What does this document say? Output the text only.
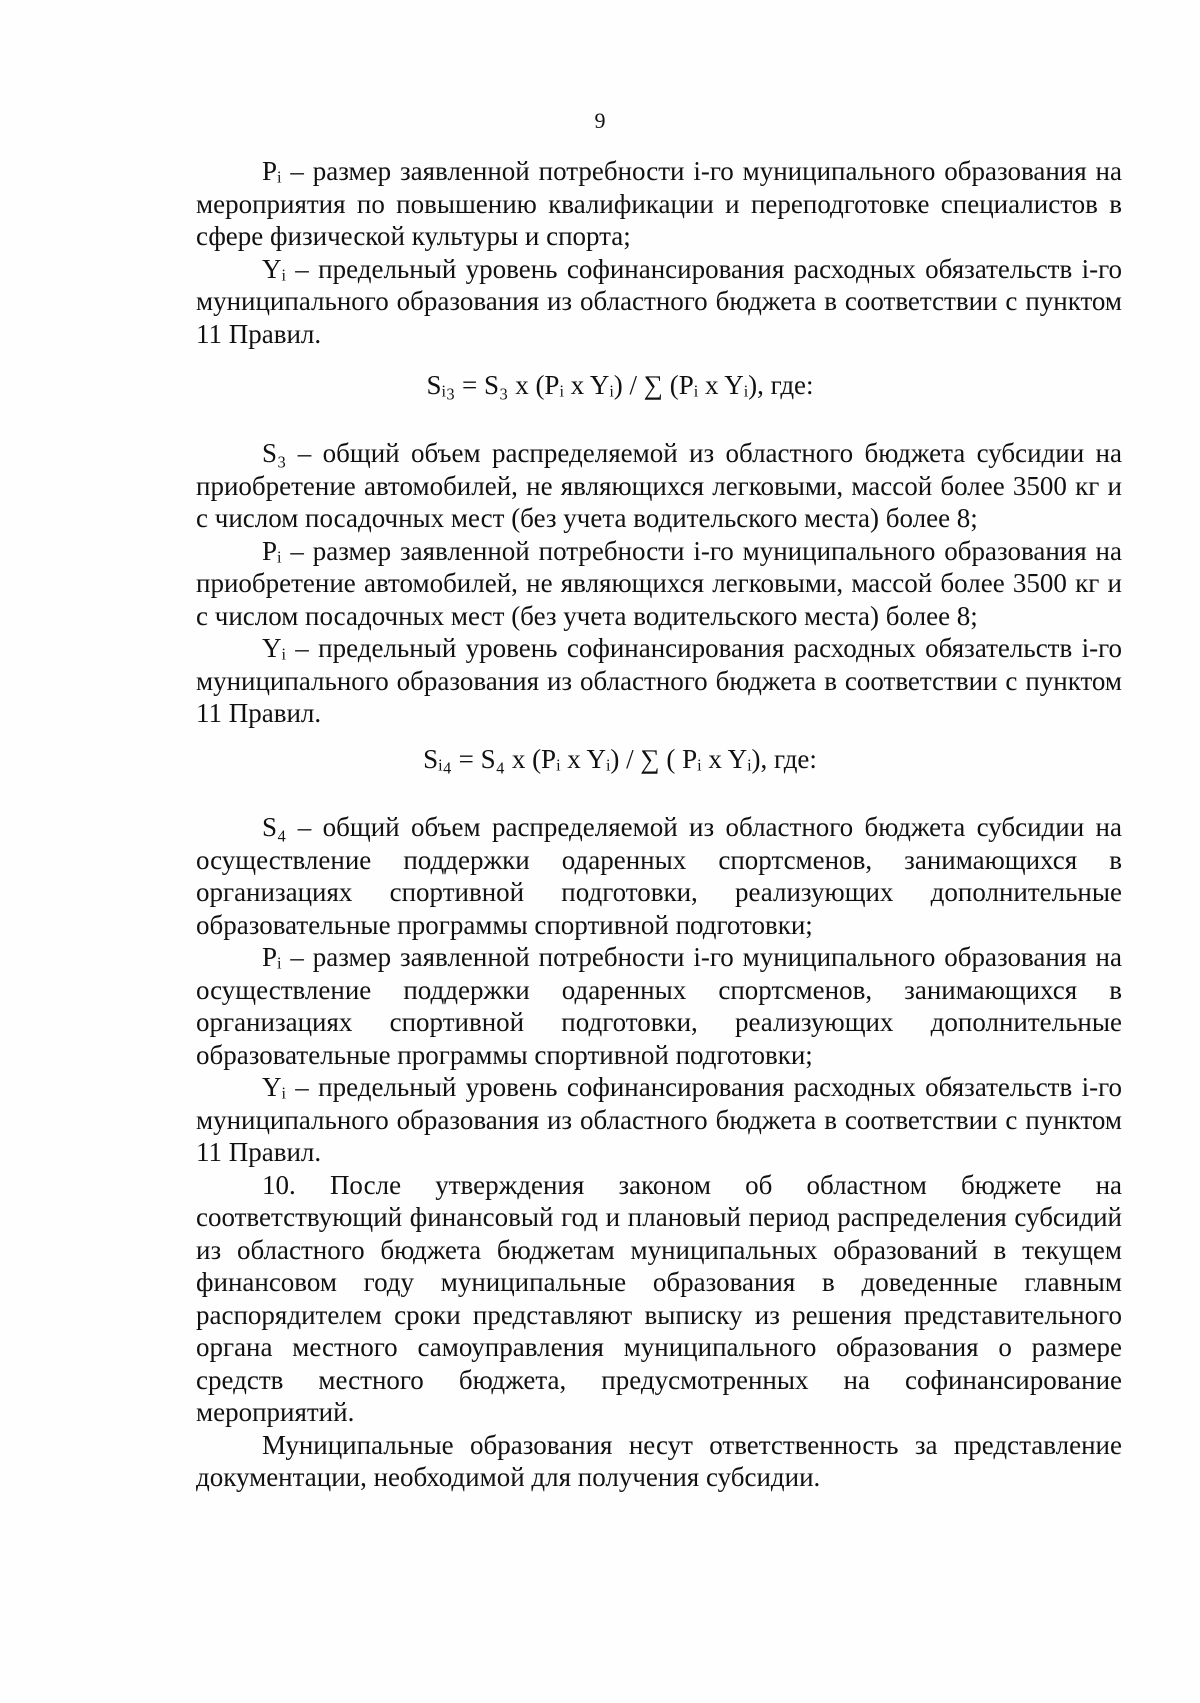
9

Pᵢ – размер заявленной потребности i-го муниципального образования на мероприятия по повышению квалификации и переподготовке специалистов в сфере физической культуры и спорта;

Yᵢ – предельный уровень софинансирования расходных обязательств i-го муниципального образования из областного бюджета в соответствии с пунктом 11 Правил.

Sᵢ₃ = S₃ x (Pᵢ x Yᵢ) / ∑ (Pᵢ x Yᵢ), где:

S₃ – общий объем распределяемой из областного бюджета субсидии на приобретение автомобилей, не являющихся легковыми, массой более 3500 кг и с числом посадочных мест (без учета водительского места) более 8;

Pᵢ – размер заявленной потребности i-го муниципального образования на приобретение автомобилей, не являющихся легковыми, массой более 3500 кг и с числом посадочных мест (без учета водительского места) более 8;

Yᵢ – предельный уровень софинансирования расходных обязательств i-го муниципального образования из областного бюджета в соответствии с пунктом 11 Правил.

Sᵢ₄ = S₄ x (Pᵢ x Yᵢ) / ∑ ( Pᵢ x Yᵢ), где:

S₄ – общий объем распределяемой из областного бюджета субсидии на осуществление поддержки одаренных спортсменов, занимающихся в организациях спортивной подготовки, реализующих дополнительные образовательные программы спортивной подготовки;

Pᵢ – размер заявленной потребности i-го муниципального образования на осуществление поддержки одаренных спортсменов, занимающихся в организациях спортивной подготовки, реализующих дополнительные образовательные программы спортивной подготовки;

Yᵢ – предельный уровень софинансирования расходных обязательств i-го муниципального образования из областного бюджета в соответствии с пунктом 11 Правил.

10. После утверждения законом об областном бюджете на соответствующий финансовый год и плановый период распределения субсидий из областного бюджета бюджетам муниципальных образований в текущем финансовом году муниципальные образования в доведенные главным распорядителем сроки представляют выписку из решения представительного органа местного самоуправления муниципального образования о размере средств местного бюджета, предусмотренных на софинансирование мероприятий.

Муниципальные образования несут ответственность за представление документации, необходимой для получения субсидии.
